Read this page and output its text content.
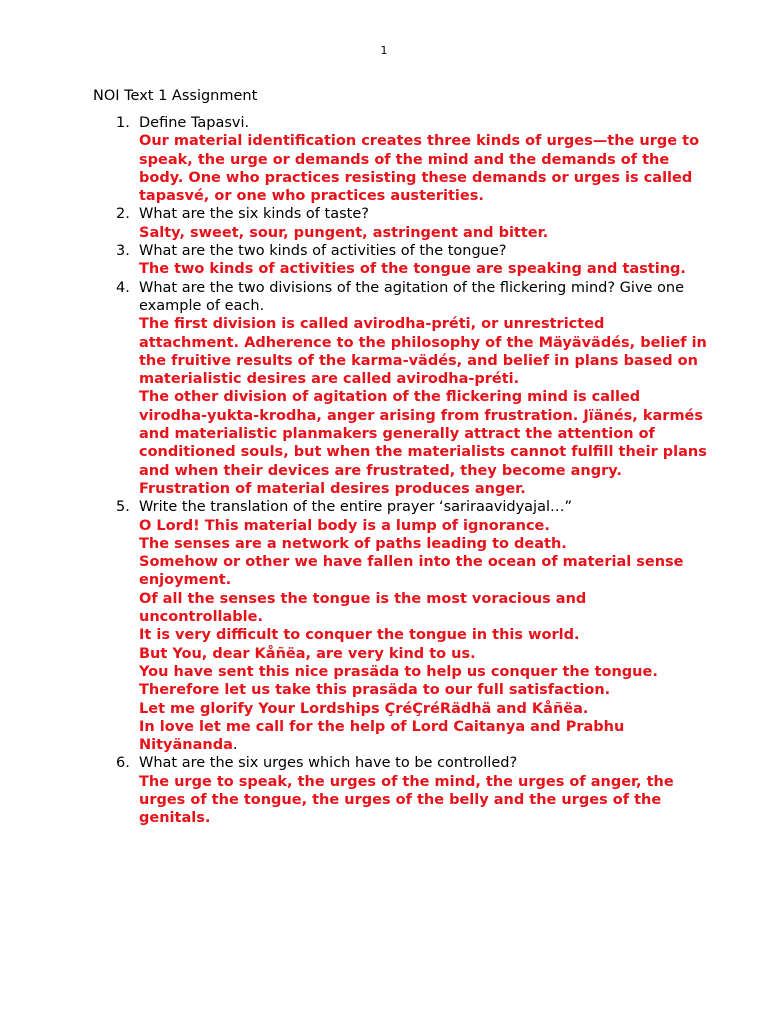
1
NOI Text 1 Assignment
1. Define Tapasvi.
Our material identification creates three kinds of urges—the urge to speak, the urge or demands of the mind and the demands of the body. One who practices resisting these demands or urges is called tapasvé, or one who practices austerities.
2. What are the six kinds of taste?
Salty, sweet, sour, pungent, astringent and bitter.
3. What are the two kinds of activities of the tongue?
The two kinds of activities of the tongue are speaking and tasting.
4. What are the two divisions of the agitation of the flickering mind? Give one example of each.
The first division is called avirodha-préti, or unrestricted attachment. Adherence to the philosophy of the Mäyävädés, belief in the fruitive results of the karma-vädés, and belief in plans based on materialistic desires are called avirodha-préti.
The other division of agitation of the flickering mind is called virodha-yukta-krodha, anger arising from frustration. Jïänés, karmés and materialistic planmakers generally attract the attention of conditioned souls, but when the materialists cannot fulfill their plans and when their devices are frustrated, they become angry. Frustration of material desires produces anger.
5. Write the translation of the entire prayer ‘sariraavidyajal…”
O Lord! This material body is a lump of ignorance.
The senses are a network of paths leading to death.
Somehow or other we have fallen into the ocean of material sense enjoyment.
Of all the senses the tongue is the most voracious and uncontrollable.
It is very difficult to conquer the tongue in this world.
But You, dear Kåñëa, are very kind to us.
You have sent this nice prasäda to help us conquer the tongue.
Therefore let us take this prasäda to our full satisfaction.
Let me glorify Your Lordships ÇréÇréRädhä and Kåñëa.
In love let me call for the help of Lord Caitanya and Prabhu Nityänanda.
6. What are the six urges which have to be controlled?
The urge to speak, the urges of the mind, the urges of anger, the urges of the tongue, the urges of the belly and the urges of the genitals.
